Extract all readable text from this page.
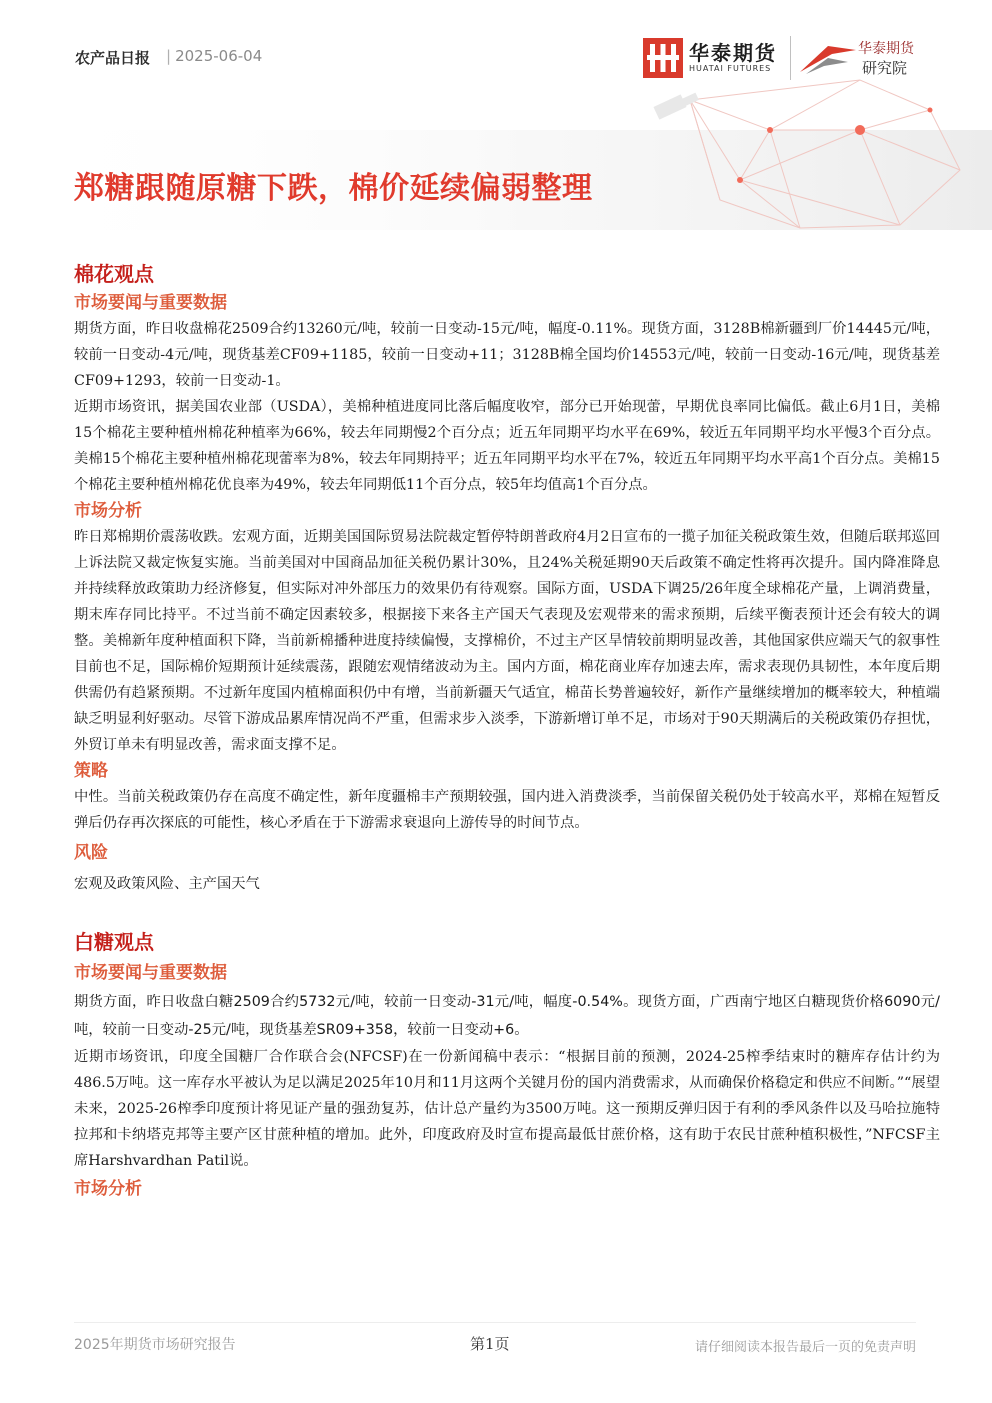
农产品日报 | 2025-06-04	华泰期货
HUATAI FUTURES
华泰期货
研究院
郑糖跟随原糖下跌，棉价延续偏弱整理
棉花观点
市场要闻与重要数据

期货方面，昨日收盘棉花2509合约13260元/吨，较前一日变动-15元/吨，幅度-0.11%。现货方面，3128B棉新疆到厂价14445元/吨，较前一日变动-4元/吨，现货基差CF09+1185，较前一日变动+11；3128B棉全国均价14553元/吨，较前一日变动-16元/吨，现货基差CF09+1293，较前一日变动-1。

近期市场资讯，据美国农业部（USDA），美棉种植进度同比落后幅度收窄，部分已开始现蕾，早期优良率同比偏低。截止6月1日，美棉15个棉花主要种植州棉花种植率为66%，较去年同期慢2个百分点；近五年同期平均水平在69%，较近五年同期平均水平慢3个百分点。美棉15个棉花主要种植州棉花现蕾率为8%，较去年同期持平；近五年同期平均水平在7%，较近五年同期平均水平高1个百分点。美棉15个棉花主要种植州棉花优良率为49%，较去年同期低11个百分点，较5年均值高1个百分点。

市场分析

昨日郑棉期价震荡收跌。宏观方面，近期美国国际贸易法院裁定暂停特朗普政府4月2日宣布的一揽子加征关税政策生效，但随后联邦巡回上诉法院又裁定恢复实施。当前美国对中国商品加征关税仍累计30%，且24%关税延期90天后政策不确定性将再次提升。国内降准降息并持续释放政策助力经济修复，但实际对冲外部压力的效果仍有待观察。国际方面，USDA下调25/26年度全球棉花产量，上调消费量，期末库存同比持平。不过当前不确定因素较多，根据接下来各主产国天气表现及宏观带来的需求预期，后续平衡表预计还会有较大的调整。美棉新年度种植面积下降，当前新棉播种进度持续偏慢，支撑棉价，不过主产区旱情较前期明显改善，其他国家供应端天气的叙事性目前也不足，国际棉价短期预计延续震荡，跟随宏观情绪波动为主。国内方面，棉花商业库存加速去库，需求表现仍具韧性，本年度后期供需仍有趋紧预期。不过新年度国内植棉面积仍中有增，当前新疆天气适宜，棉苗长势普遍较好，新作产量继续增加的概率较大，种植端缺乏明显利好驱动。尽管下游成品累库情况尚不严重，但需求步入淡季，下游新增订单不足，市场对于90天期满后的关税政策仍存担忧，外贸订单未有明显改善，需求面支撑不足。

策略

中性。当前关税政策仍存在高度不确定性，新年度疆棉丰产预期较强，国内进入消费淡季，当前保留关税仍处于较高水平，郑棉在短暂反弹后仍存再次探底的可能性，核心矛盾在于下游需求衰退向上游传导的时间节点。

风险

宏观及政策风险、主产国天气

白糖观点
市场要闻与重要数据

期货方面，昨日收盘白糖2509合约5732元/吨，较前一日变动-31元/吨，幅度-0.54%。现货方面，广西南宁地区白糖现货价格6090元/吨，较前一日变动-25元/吨，现货基差SR09+358，较前一日变动+6。

近期市场资讯，印度全国糖厂合作联合会(NFCSF)在一份新闻稿中表示：“根据目前的预测，2024-25榨季结束时的糖库存估计约为486.5万吨。这一库存水平被认为足以满足2025年10月和11月这两个关键月份的国内消费需求，从而确保价格稳定和供应不间断。”“展望未来，2025-26榨季印度预计将见证产量的强劲复苏，估计总产量约为3500万吨。这一预期反弹归因于有利的季风条件以及马哈拉施特拉邦和卡纳塔克邦等主要产区甘蔗种植的增加。此外，印度政府及时宣布提高最低甘蔗价格，这有助于农民甘蔗种植积极性，”NFCSF主席Harshvardhan Patil说。

市场分析
2025年期货市场研究报告	第1页	请仔细阅读本报告最后一页的免责声明
